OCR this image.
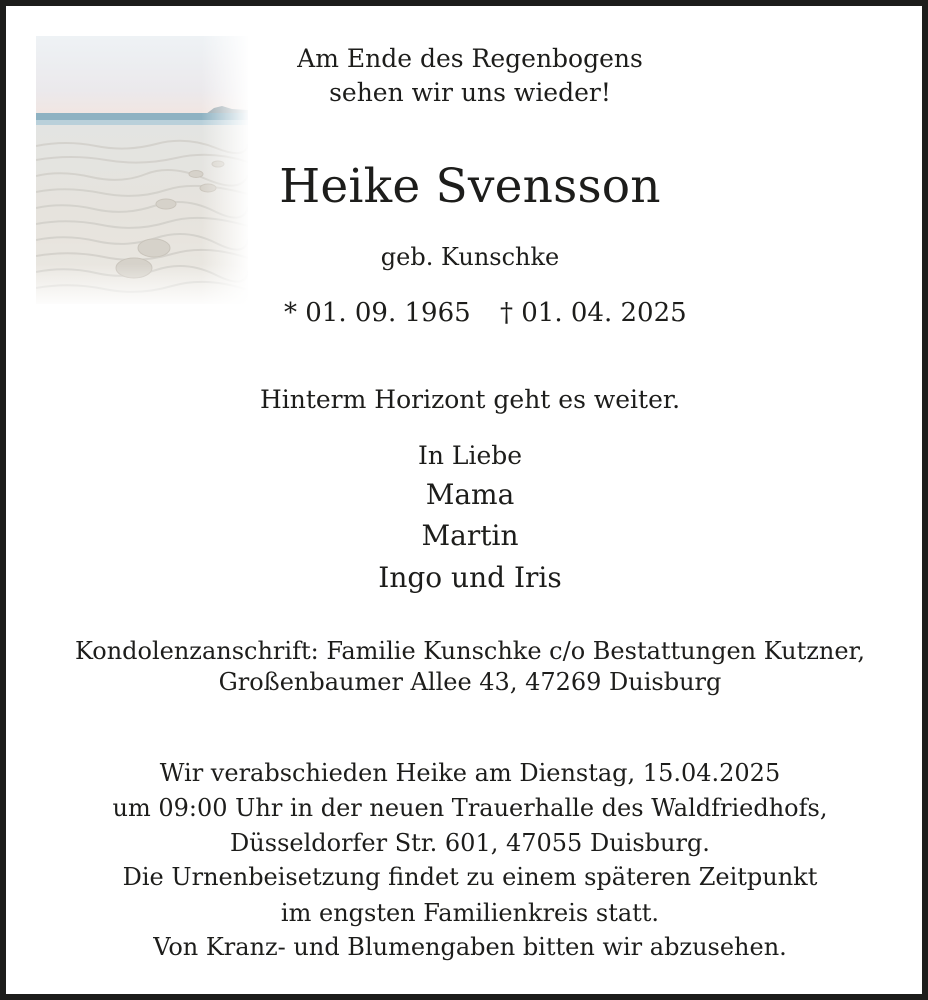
Am Ende des Regenbogens
sehen wir uns wieder!
Heike Svensson
geb. Kunschke
* 01. 09. 1965 † 01. 04. 2025
Hinterm Horizont geht es weiter.
In Liebe
Mama
Martin
Ingo und Iris
Kondolenzanschrift: Familie Kunschke c/o Bestattungen Kutzner,
Großenbaumer Allee 43, 47269 Duisburg
Wir verabschieden Heike am Dienstag, 15.04.2025
um 09:00 Uhr in der neuen Trauerhalle des Waldfriedhofs,
Düsseldorfer Str. 601, 47055 Duisburg.
Die Urnenbeisetzung findet zu einem späteren Zeitpunkt
im engsten Familienkreis statt.
Von Kranz- und Blumengaben bitten wir abzusehen.
